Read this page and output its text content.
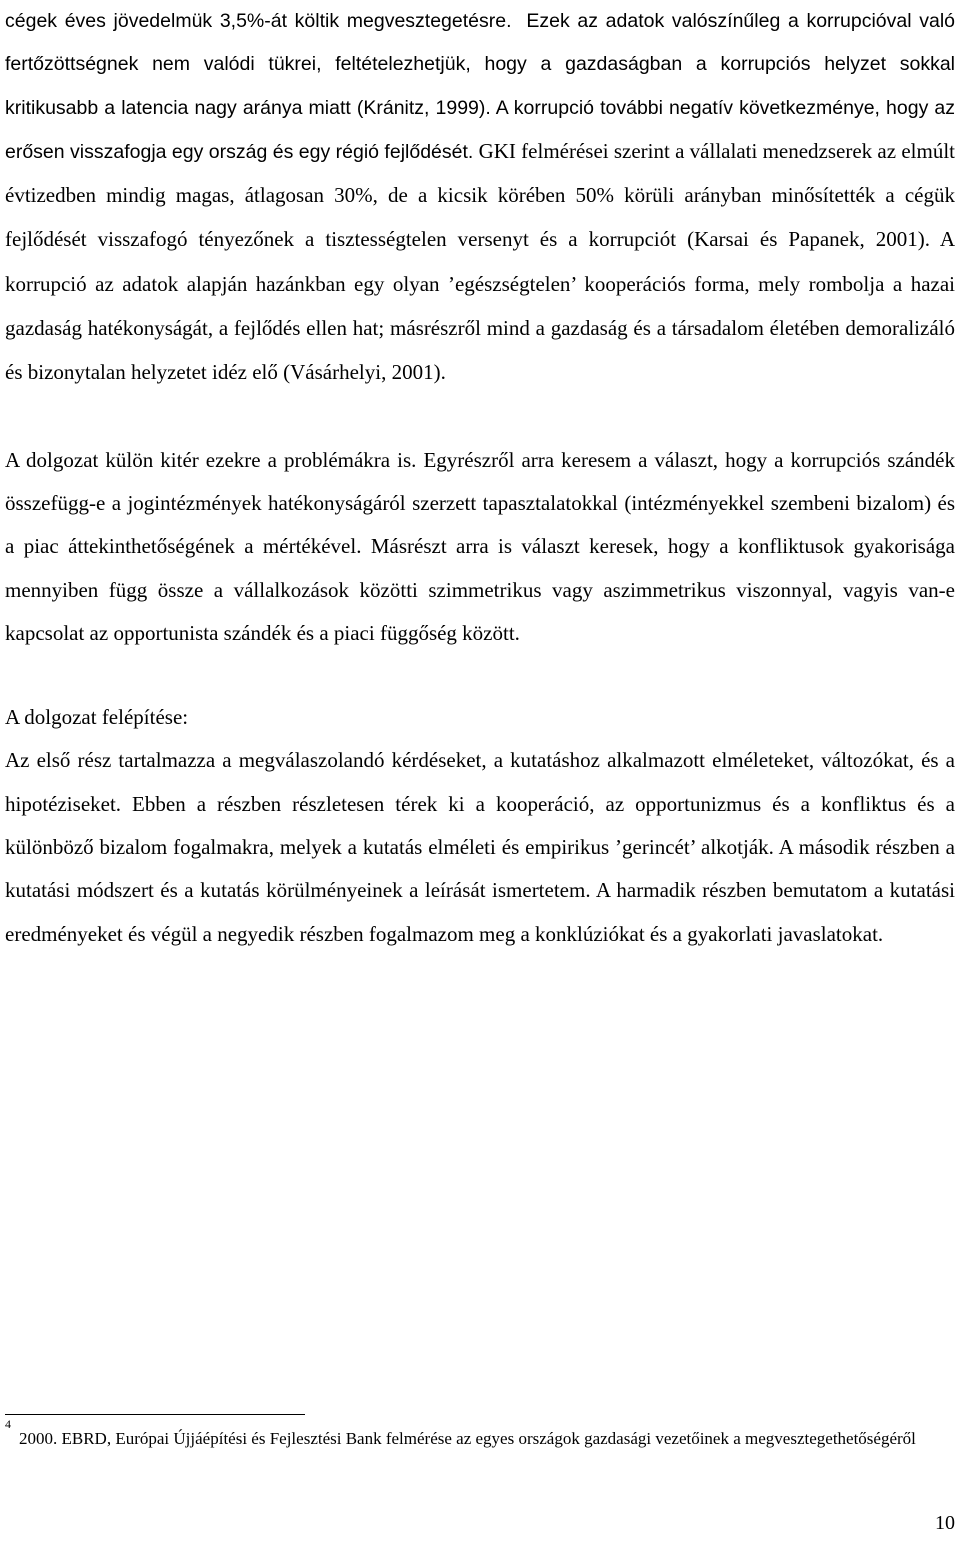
cégek éves jövedelmük 3,5%-át költik megvesztegetésre. Ezek az adatok valószínűleg a korrupcióval való fertőzöttségnek nem valódi tükrei, feltételezhetjük, hogy a gazdaságban a korrupciós helyzet sokkal kritikusabb a latencia nagy aránya miatt (Kránitz, 1999). A korrupció további negatív következménye, hogy az erősen visszafogja egy ország és egy régió fejlődését. GKI felmérései szerint a vállalati menedzserek az elmúlt évtizedben mindig magas, átlagosan 30%, de a kicsik körében 50% körüli arányban minősítették a cégük fejlődését visszafogó tényezőnek a tisztességtelen versenyt és a korrupciót (Karsai és Papanek, 2001). A korrupció az adatok alapján hazánkban egy olyan ’egészségtelen’ kooperációs forma, mely rombolja a hazai gazdaság hatékonyságát, a fejlődés ellen hat; másrészről mind a gazdaság és a társadalom életében demoralizáló és bizonytalan helyzetet idéz elő (Vásárhelyi, 2001).

A dolgozat külön kitér ezekre a problémákra is. Egyrészről arra keresem a választ, hogy a korrupciós szándék összefügg-e a jogintézmények hatékonyságáról szerzett tapasztalatokkal (intézményekkel szembeni bizalom) és a piac áttekinthetőségének a mértékével. Másrészt arra is választ keresek, hogy a konfliktusok gyakorisága mennyiben függ össze a vállalkozások közötti szimmetrikus vagy aszimmetrikus viszonnyal, vagyis van-e kapcsolat az opportunista szándék és a piaci függőség között.

A dolgozat felépítése:

Az első rész tartalmazza a megválaszolandó kérdéseket, a kutatáshoz alkalmazott elméleteket, változókat, és a hipotéziseket. Ebben a részben részletesen térek ki a kooperáció, az opportunizmus és a konfliktus és a különböző bizalom fogalmakra, melyek a kutatás elméleti és empirikus ’gerincét’ alkotják. A második részben a kutatási módszert és a kutatás körülményeinek a leírását ismertetem. A harmadik részben bemutatom a kutatási eredményeket és végül a negyedik részben fogalmazom meg a konklúziókat és a gyakorlati javaslatokat.

$^4$2000. EBRD, Európai Újjáépítési és Fejlesztési Bank felmérése az egyes országok gazdasági vezetőinek a megvesztegethetőségéről

10
